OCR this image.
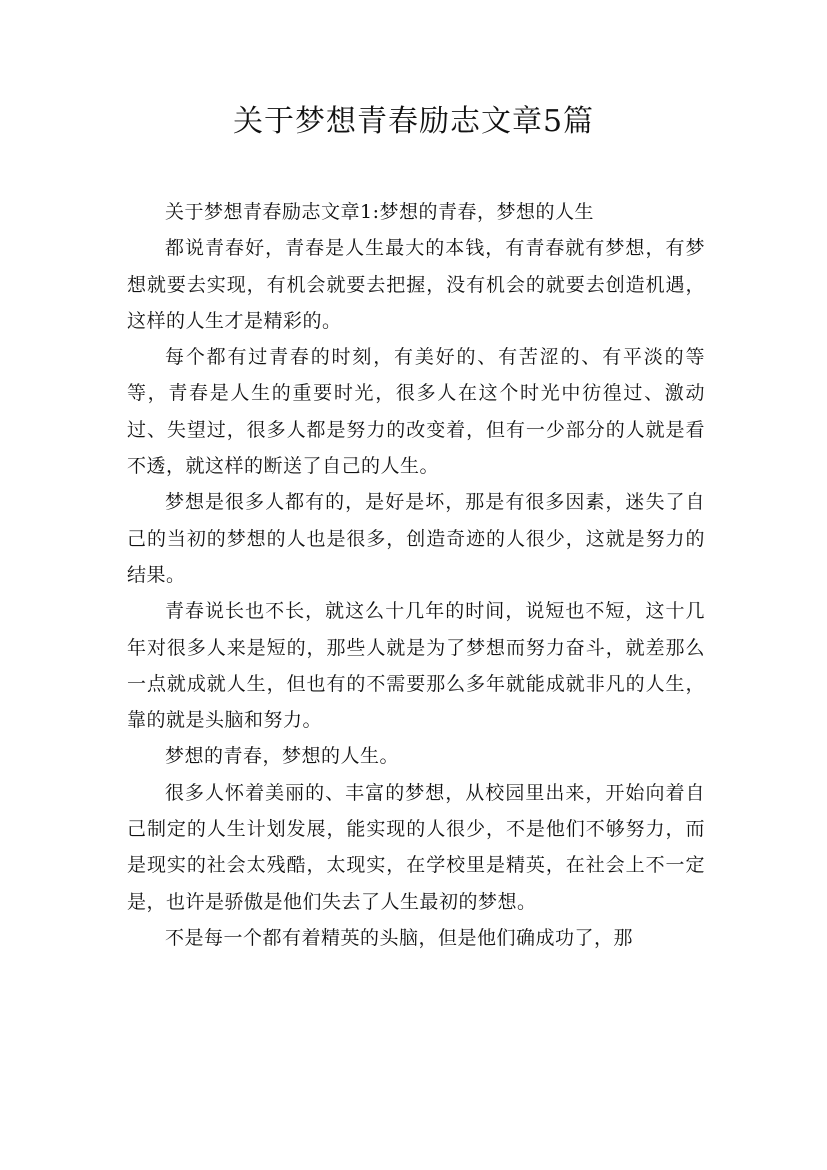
关于梦想青春励志文章5篇

关于梦想青春励志文章1:梦想的青春，梦想的人生

都说青春好，青春是人生最大的本钱，有青春就有梦想，有梦想就要去实现，有机会就要去把握，没有机会的就要去创造机遇，这样的人生才是精彩的。

每个都有过青春的时刻，有美好的、有苦涩的、有平淡的等等，青春是人生的重要时光，很多人在这个时光中彷徨过、激动过、失望过，很多人都是努力的改变着，但有一少部分的人就是看不透，就这样的断送了自己的人生。

梦想是很多人都有的，是好是坏，那是有很多因素，迷失了自己的当初的梦想的人也是很多，创造奇迹的人很少，这就是努力的结果。

青春说长也不长，就这么十几年的时间，说短也不短，这十几年对很多人来是短的，那些人就是为了梦想而努力奋斗，就差那么一点就成就人生，但也有的不需要那么多年就能成就非凡的人生，靠的就是头脑和努力。

梦想的青春，梦想的人生。

很多人怀着美丽的、丰富的梦想，从校园里出来，开始向着自己制定的人生计划发展，能实现的人很少，不是他们不够努力，而是现实的社会太残酷，太现实，在学校里是精英，在社会上不一定是，也许是骄傲是他们失去了人生最初的梦想。

不是每一个都有着精英的头脑，但是他们确成功了，那
